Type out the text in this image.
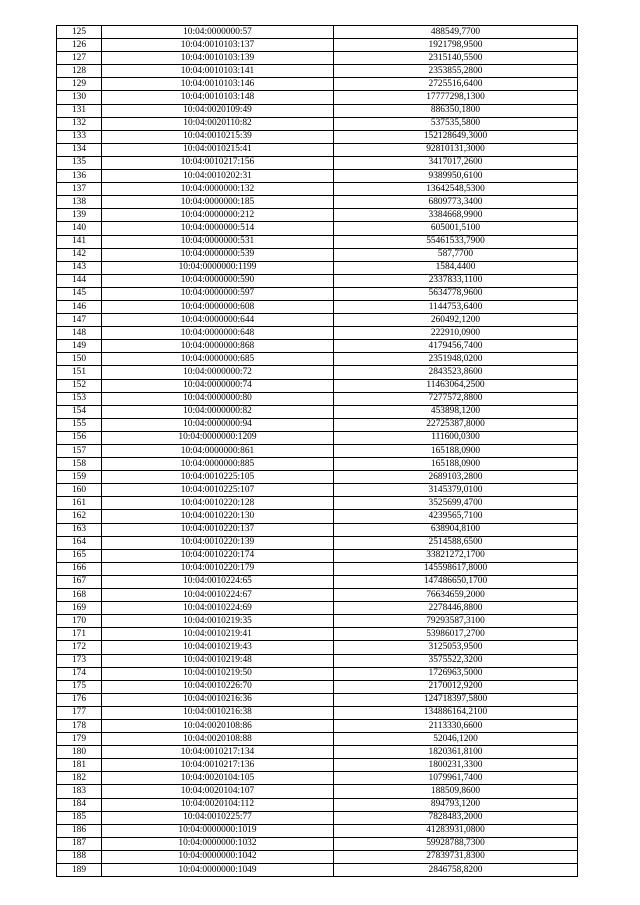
125	10:04:0000000:57	488549,7700
126	10:04:0010103:137	1921798,9500
127	10:04:0010103:139	2315140,5500
128	10:04:0010103:141	2353855,2800
129	10:04:0010103:146	2725516,6400
130	10:04:0010103:148	17777298,1300
131	10:04:0020109:49	886350,1800
132	10:04:0020110:82	537535,5800
133	10:04:0010215:39	152128649,3000
134	10:04:0010215:41	92810131,3000
135	10:04:0010217:156	3417017,2600
136	10:04:0010202:31	9389950,6100
137	10:04:0000000:132	13642548,5300
138	10:04:0000000:185	6809773,3400
139	10:04:0000000:212	3384668,9900
140	10:04:0000000:514	605001,5100
141	10:04:0000000:531	55461533,7900
142	10:04:0000000:539	587,7700
143	10:04:0000000:1199	1584,4400
144	10:04:0000000:590	2337833,1100
145	10:04:0000000:597	5634778,9600
146	10:04:0000000:608	1144753,6400
147	10:04:0000000:644	260492,1200
148	10:04:0000000:648	222910,0900
149	10:04:0000000:868	4179456,7400
150	10:04:0000000:685	2351948,0200
151	10:04:0000000:72	2843523,8600
152	10:04:0000000:74	11463064,2500
153	10:04:0000000:80	7277572,8800
154	10:04:0000000:82	453898,1200
155	10:04:0000000:94	22725387,8000
156	10:04:0000000:1209	111600,0300
157	10:04:0000000:861	165188,0900
158	10:04:0000000:885	165188,0900
159	10:04:0010225:105	2689103,2800
160	10:04:0010225:107	3145379,0100
161	10:04:0010220:128	3525699,4700
162	10:04:0010220:130	4239565,7100
163	10:04:0010220:137	638904,8100
164	10:04:0010220:139	2514588,6500
165	10:04:0010220:174	33821272,1700
166	10:04:0010220:179	145598617,8000
167	10:04:0010224:65	147486650,1700
168	10:04:0010224:67	76634659,2000
169	10:04:0010224:69	2278446,8800
170	10:04:0010219:35	79293587,3100
171	10:04:0010219:41	53986017,2700
172	10:04:0010219:43	3125053,9500
173	10:04:0010219:48	3575522,3200
174	10:04:0010219:50	1726963,5000
175	10:04:0010226:70	2170012,9200
176	10:04:0010216:36	124718397,5800
177	10:04:0010216:38	134886164,2100
178	10:04:0020108:86	2113330,6600
179	10:04:0020108:88	52046,1200
180	10:04:0010217:134	1820361,8100
181	10:04:0010217:136	1800231,3300
182	10:04:0020104:105	1079961,7400
183	10:04:0020104:107	188509,8600
184	10:04:0020104:112	894793,1200
185	10:04:0010225:77	7828483,2000
186	10:04:0000000:1019	41283931,0800
187	10:04:0000000:1032	59928788,7300
188	10:04:0000000:1042	27839731,8300
189	10:04:0000000:1049	2846758,8200
